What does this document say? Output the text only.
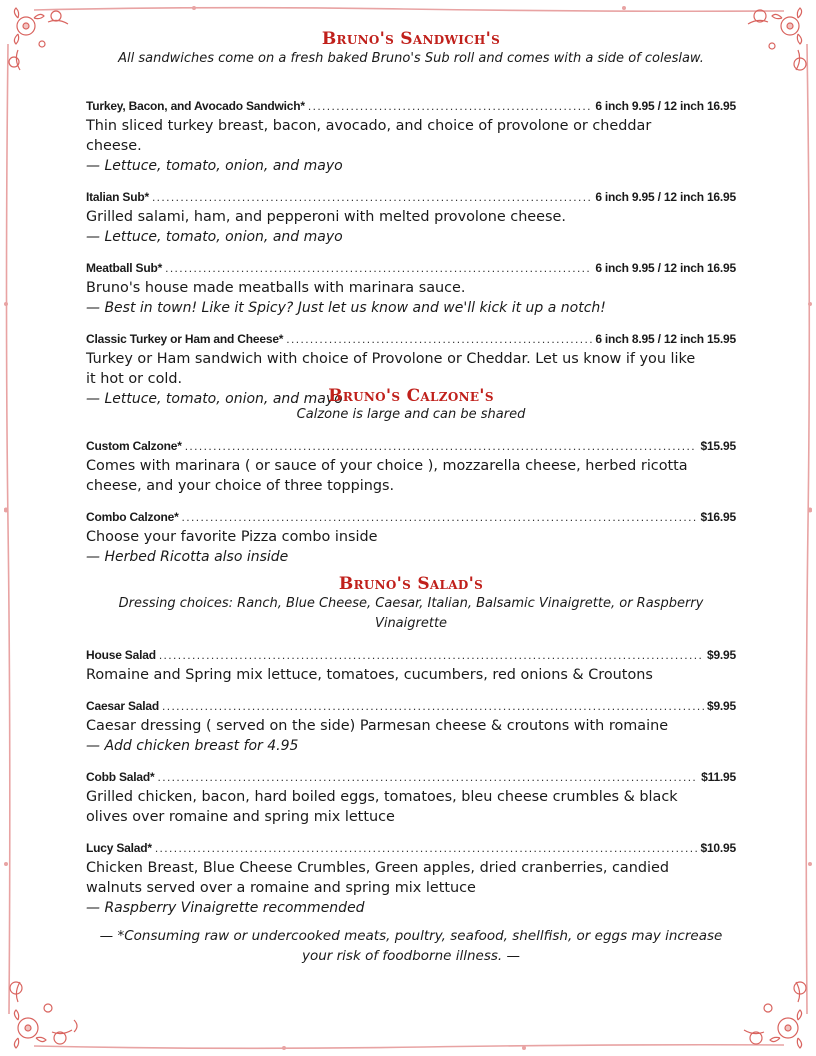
Bruno's Sandwich's
All sandwiches come on a fresh baked Bruno's Sub roll and comes with a side of coleslaw.
Turkey, Bacon, and Avocado Sandwich* .....	6 inch 9.95 / 12 inch 16.95
Thin sliced turkey breast, bacon, avocado, and choice of provolone or cheddar cheese.
— Lettuce, tomato, onion, and mayo
Italian Sub* .....	6 inch 9.95 / 12 inch 16.95
Grilled salami, ham, and pepperoni with melted provolone cheese.
— Lettuce, tomato, onion, and mayo
Meatball Sub* .....	6 inch 9.95 / 12 inch 16.95
Bruno's house made meatballs with marinara sauce.
— Best in town! Like it Spicy? Just let us know and we'll kick it up a notch!
Classic Turkey or Ham and Cheese* .....	6 inch 8.95 / 12 inch 15.95
Turkey or Ham sandwich with choice of Provolone or Cheddar. Let us know if you like it hot or cold.
— Lettuce, tomato, onion, and mayo
Bruno's Calzone's
Calzone is large and can be shared
Custom Calzone* .....	$15.95
Comes with marinara ( or sauce of your choice ), mozzarella cheese, herbed ricotta cheese, and your choice of three toppings.
Combo Calzone* .....	$16.95
Choose your favorite Pizza combo inside
— Herbed Ricotta also inside
Bruno's Salad's
Dressing choices: Ranch, Blue Cheese, Caesar, Italian, Balsamic Vinaigrette, or Raspberry Vinaigrette
House Salad .....	$9.95
Romaine and Spring mix lettuce, tomatoes, cucumbers, red onions & Croutons
Caesar Salad .....	$9.95
Caesar dressing ( served on the side) Parmesan cheese & croutons with romaine
— Add chicken breast for 4.95
Cobb Salad* .....	$11.95
Grilled chicken, bacon, hard boiled eggs, tomatoes, bleu cheese crumbles & black olives over romaine and spring mix lettuce
Lucy Salad* .....	$10.95
Chicken Breast, Blue Cheese Crumbles, Green apples, dried cranberries, candied walnuts served over a romaine and spring mix lettuce
— Raspberry Vinaigrette recommended
— *Consuming raw or undercooked meats, poultry, seafood, shellfish, or eggs may increase your risk of foodborne illness. —
